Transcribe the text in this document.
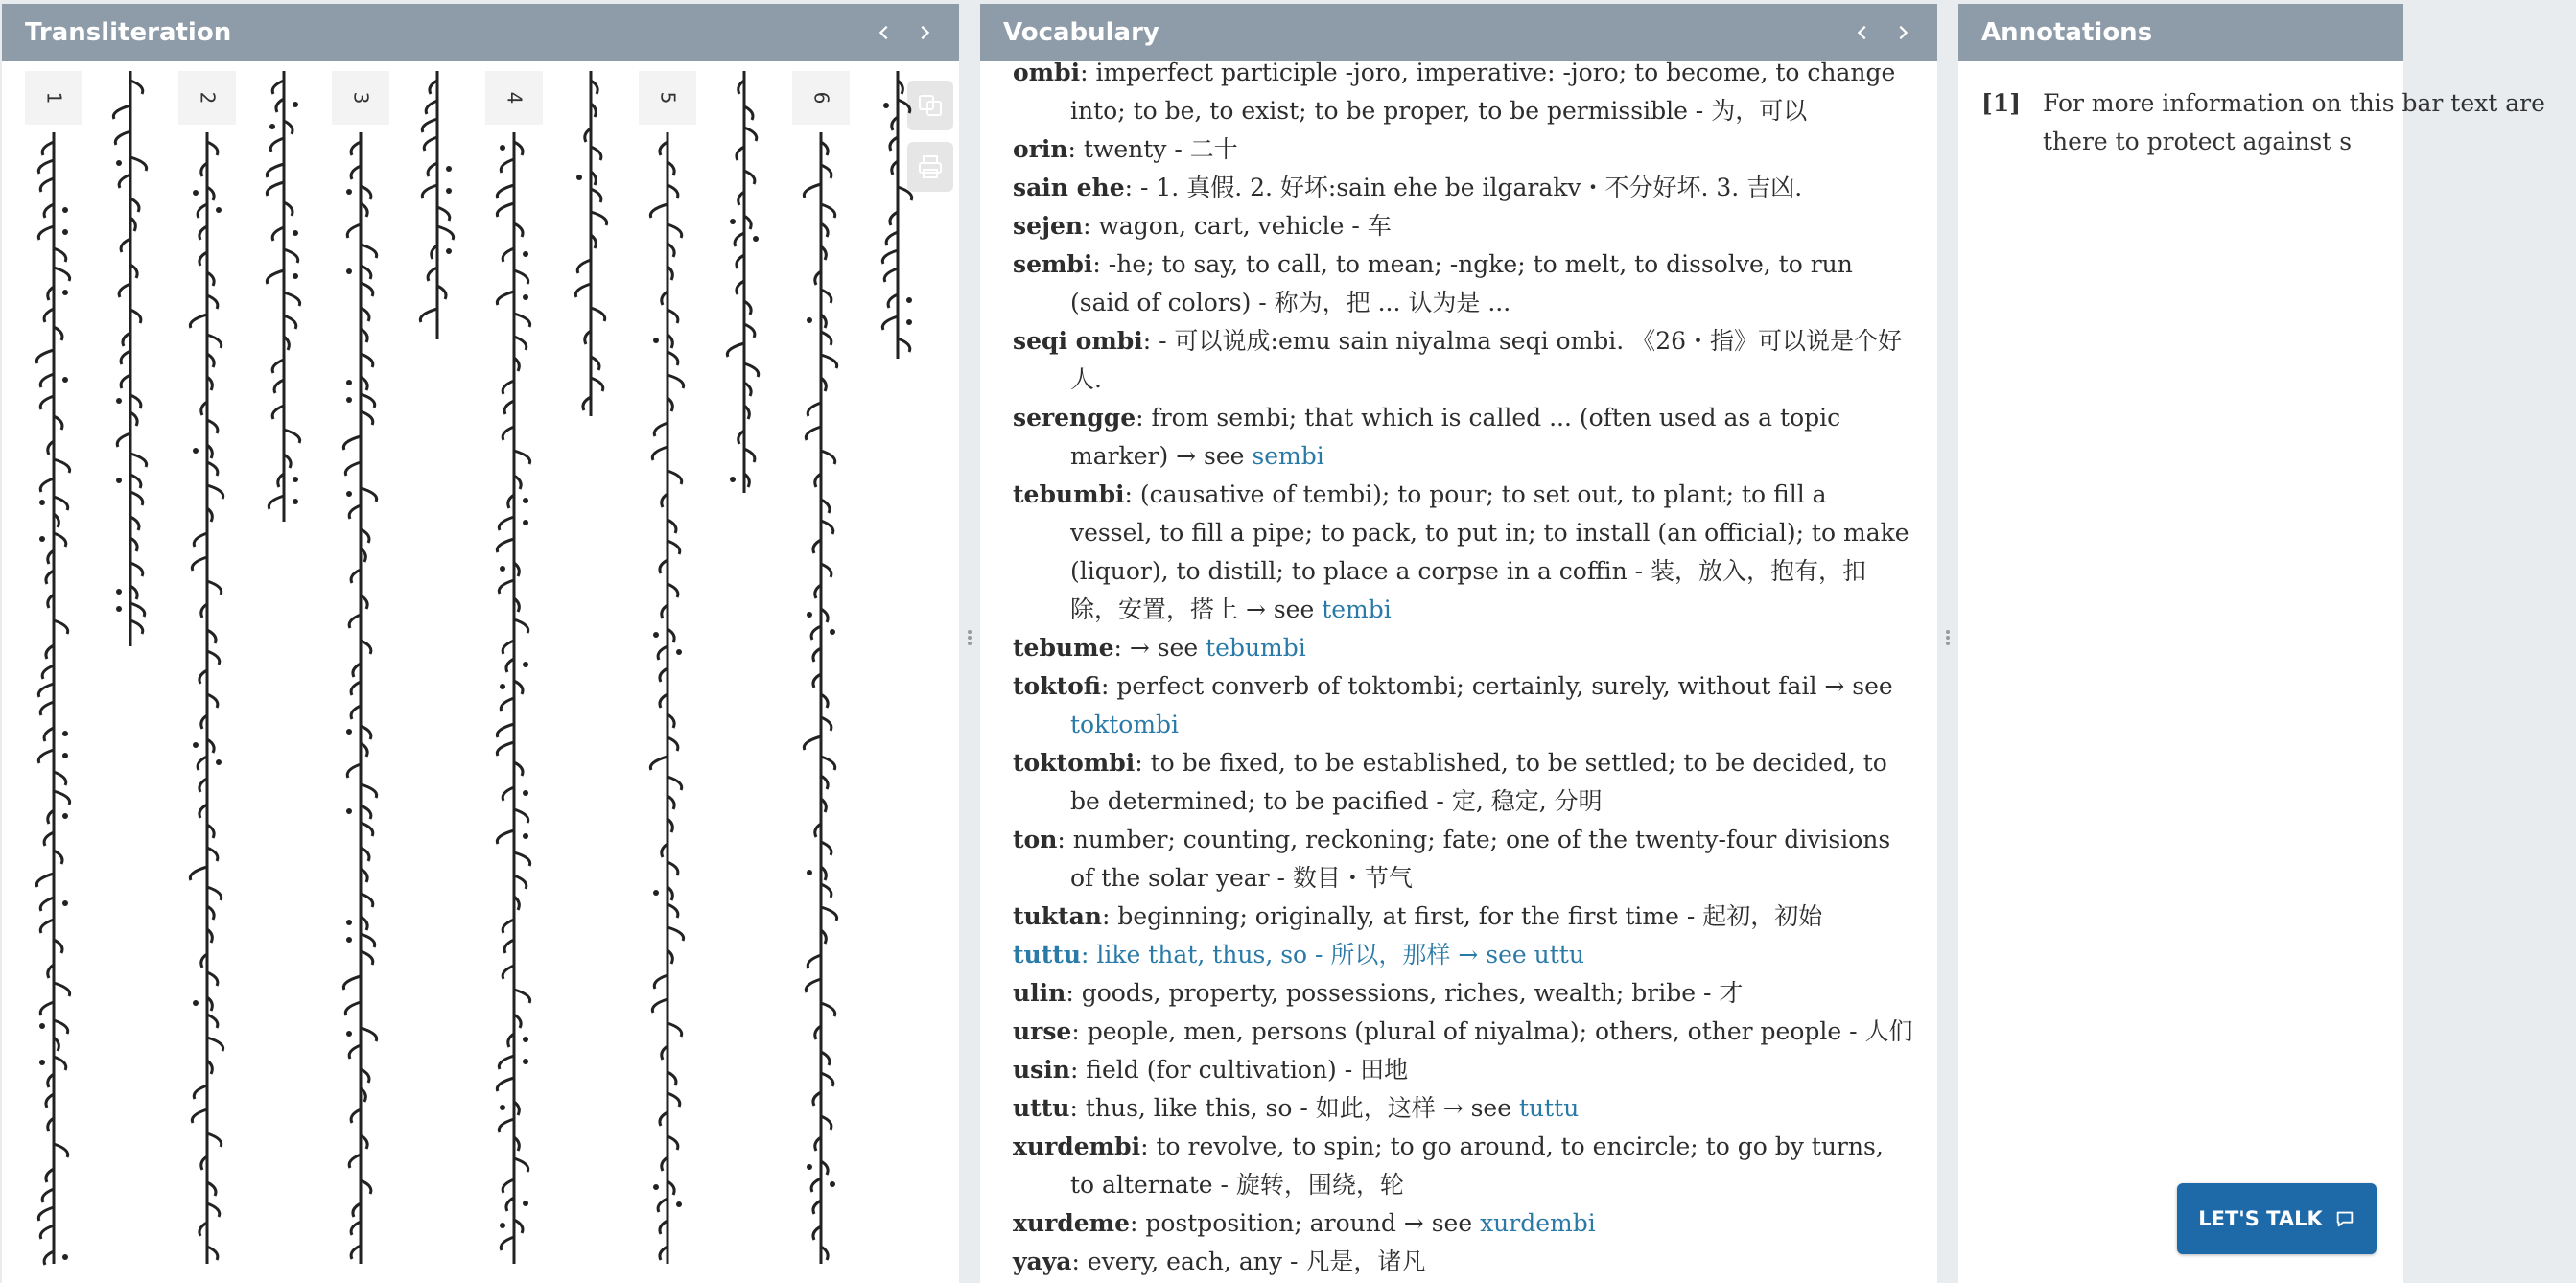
Transliteration
1	2	3	4	5	6
Vocabulary
ombi: imperfect participle -joro, imperative: -joro; to become, to change into; to be, to exist; to be proper, to be permissible - 为，可以
orin: twenty - 二十
sain ehe: - 1. 真假. 2. 好坏:sain ehe be ilgarakv・不分好坏. 3. 吉凶.
sejen: wagon, cart, vehicle - 车
sembi: -he; to say, to call, to mean; -ngke; to melt, to dissolve, to run (said of colors) - 称为，把 ... 认为是 ...
seqi ombi: - 可以说成:emu sain niyalma seqi ombi. 《26・指》可以说是个好人.
serengge: from sembi; that which is called ... (often used as a topic marker) → see sembi
tebumbi: (causative of tembi); to pour; to set out, to plant; to fill a vessel, to fill a pipe; to pack, to put in; to install (an official); to make (liquor), to distill; to place a corpse in a coffin - 装，放入，抱有，扣除，安置，搭上 → see tembi
tebume: → see tebumbi
toktofi: perfect converb of toktombi; certainly, surely, without fail → see toktombi
toktombi: to be fixed, to be established, to be settled; to be decided, to be determined; to be pacified - 定, 稳定, 分明
ton: number; counting, reckoning; fate; one of the twenty-four divisions of the solar year - 数目・节气
tuktan: beginning; originally, at first, for the first time - 起初，初始
tuttu: like that, thus, so - 所以，那样 → see uttu
ulin: goods, property, possessions, riches, wealth; bribe - 才
urse: people, men, persons (plural of niyalma); others, other people - 人们
usin: field (for cultivation) - 田地
uttu: thus, like this, so - 如此，这样 → see tuttu
xurdembi: to revolve, to spin; to go around, to encircle; to go by turns, to alternate - 旋转，围绕，轮
xurdeme: postposition; around → see xurdembi
yaya: every, each, any - 凡是，诸凡
Annotations
[1] For more information on this bar text are there to protect against s
LET'S TALK
